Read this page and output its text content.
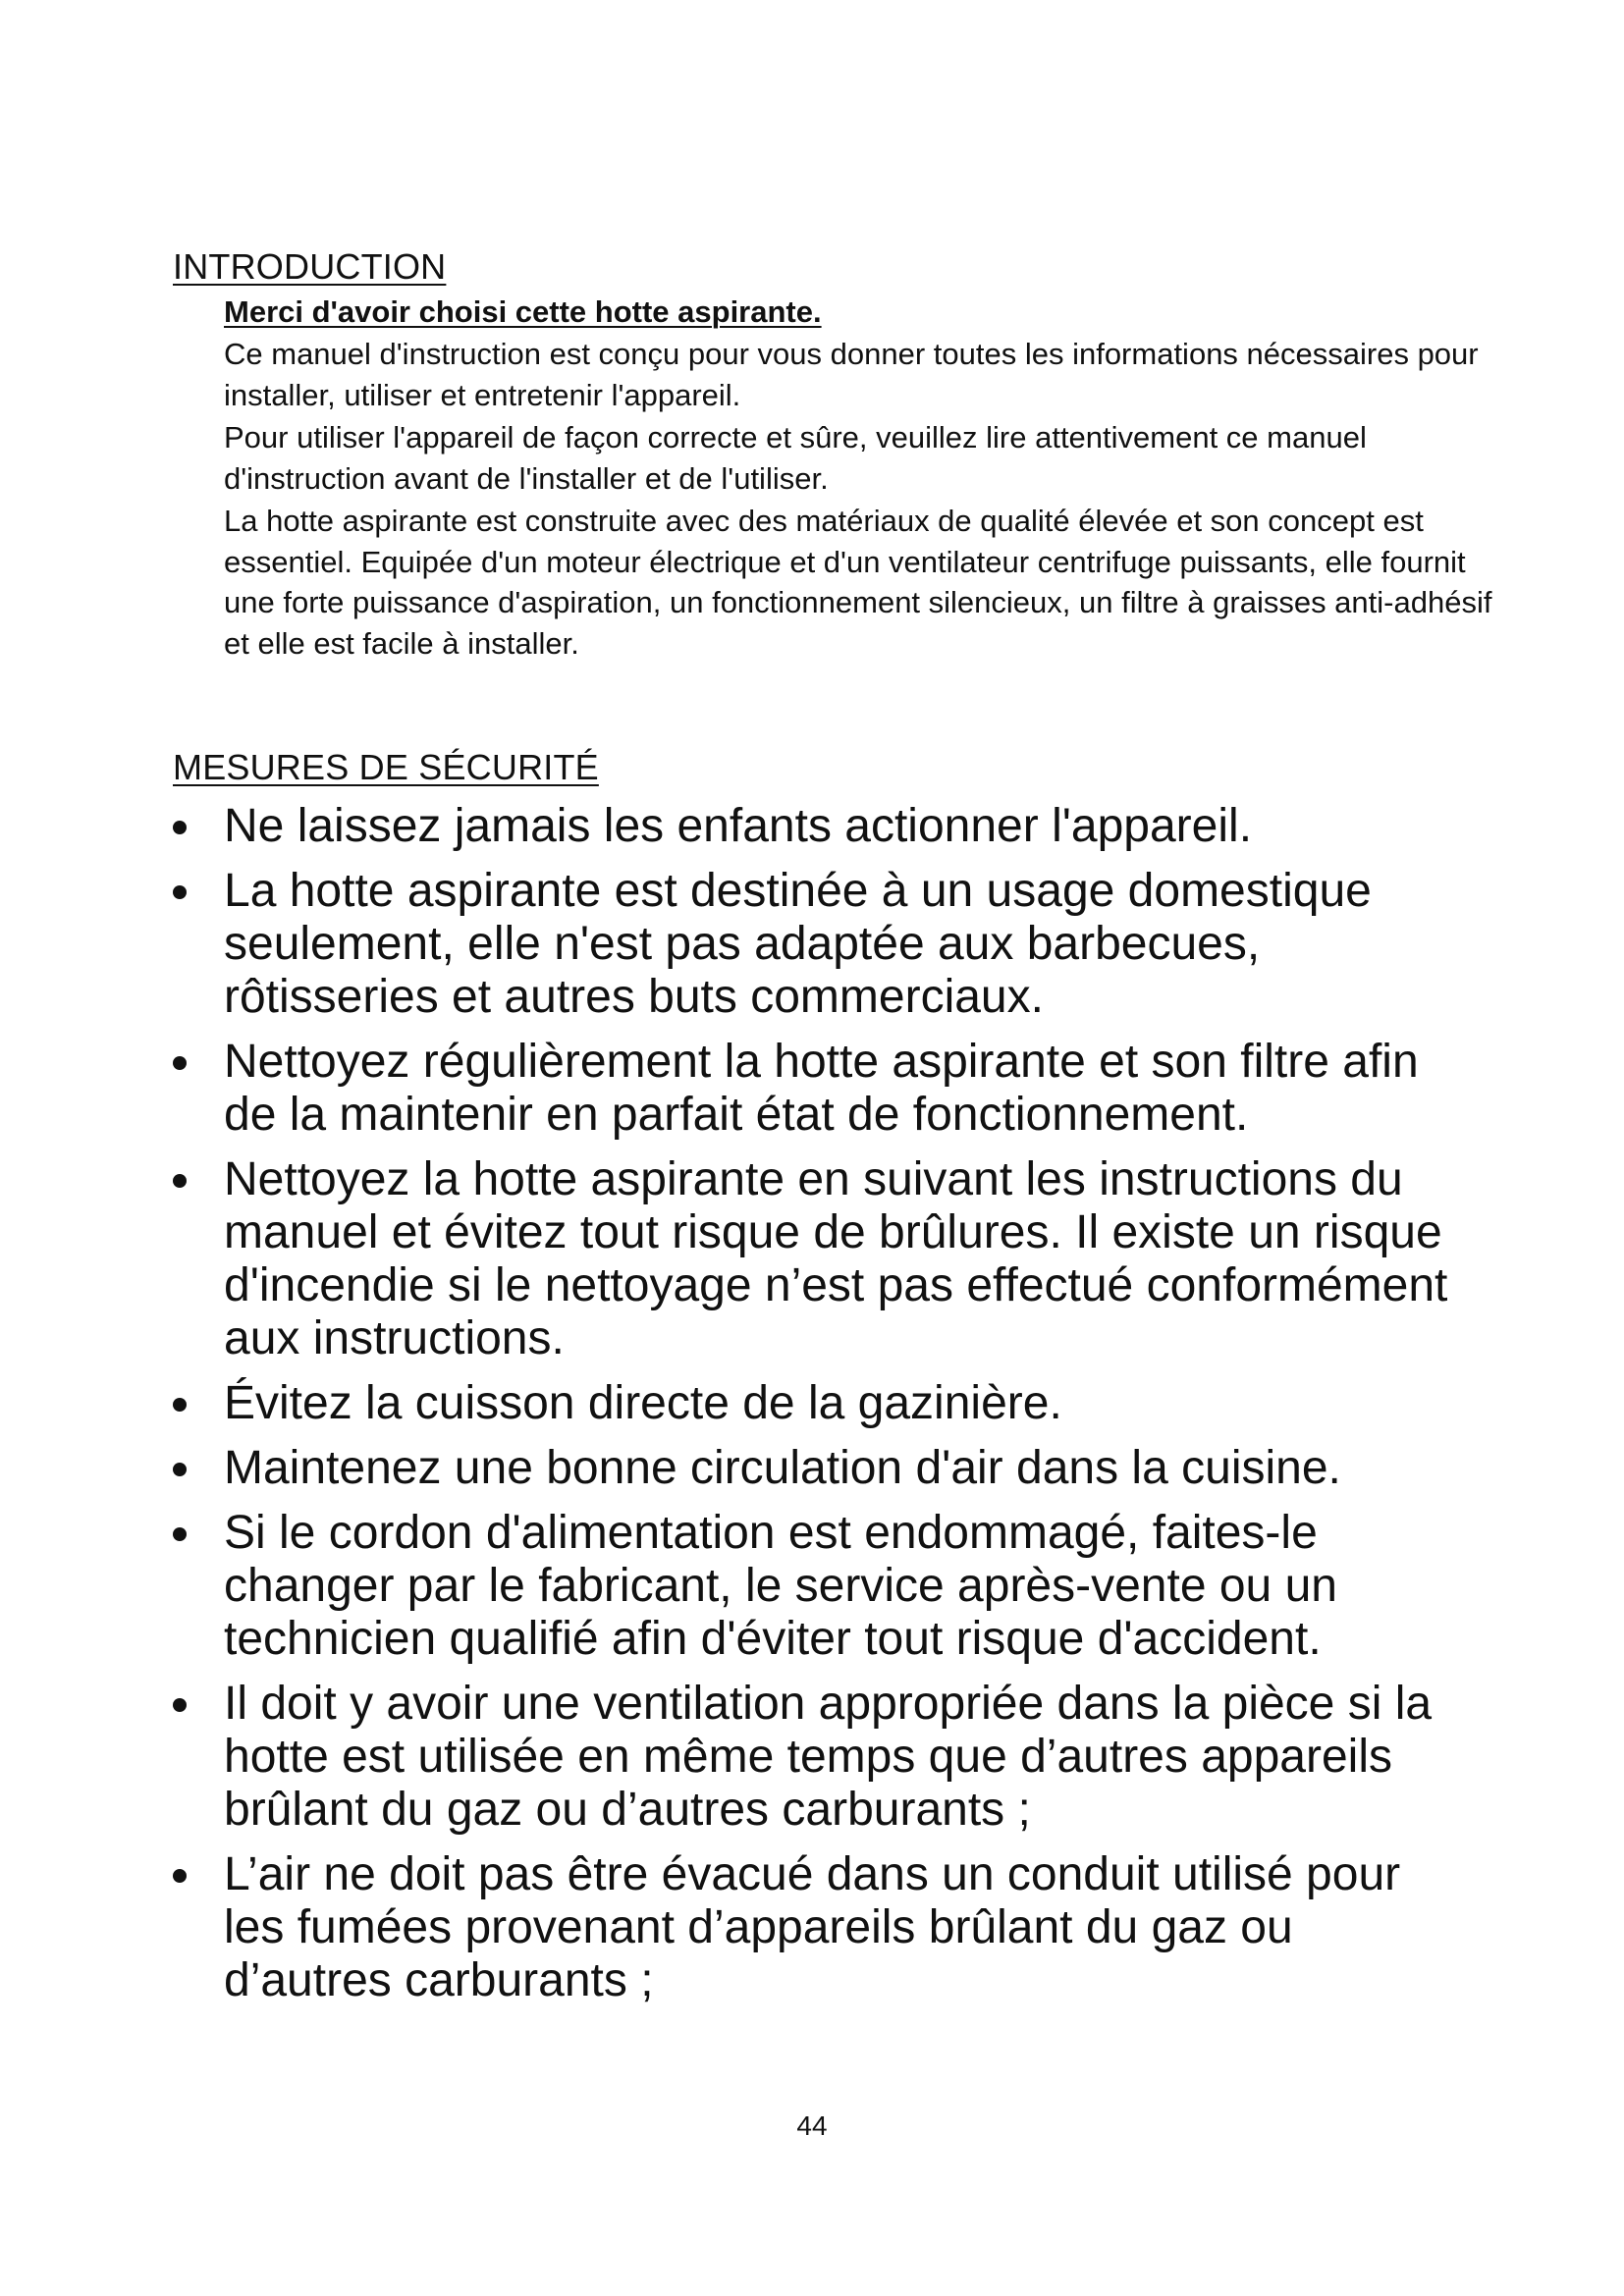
INTRODUCTION
Merci d'avoir choisi cette hotte aspirante.

Ce manuel d'instruction est conçu pour vous donner toutes les informations nécessaires pour installer, utiliser et entretenir l'appareil.

Pour utiliser l'appareil de façon correcte et sûre, veuillez lire attentivement ce manuel d'instruction avant de l'installer et de l'utiliser.

La hotte aspirante est construite avec des matériaux de qualité élevée et son concept est essentiel. Equipée d'un moteur électrique et d'un ventilateur centrifuge puissants, elle fournit une forte puissance d'aspiration, un fonctionnement silencieux, un filtre à graisses anti-adhésif et elle est facile à installer.

MESURES DE SÉCURITÉ
Ne laissez jamais les enfants actionner l'appareil.
La hotte aspirante est destinée à un usage domestique seulement, elle n'est pas adaptée aux barbecues, rôtisseries et autres buts commerciaux.
Nettoyez régulièrement la hotte aspirante et son filtre afin de la maintenir en parfait état de fonctionnement.
Nettoyez la hotte aspirante en suivant les instructions du manuel et évitez tout risque de brûlures. Il existe un risque d'incendie si le nettoyage n’est pas effectué conformément aux instructions.
Évitez la cuisson directe de la gazinière.
Maintenez une bonne circulation d'air dans la cuisine.
Si le cordon d'alimentation est endommagé, faites-le changer par le fabricant, le service après-vente ou un technicien qualifié afin d'éviter tout risque d'accident.
Il doit y avoir une ventilation appropriée dans la pièce si la hotte est utilisée en même temps que d’autres appareils brûlant du gaz ou d’autres carburants ;
L’air ne doit pas être évacué dans un conduit utilisé pour les fumées provenant d’appareils brûlant du gaz ou d’autres carburants ;
44
